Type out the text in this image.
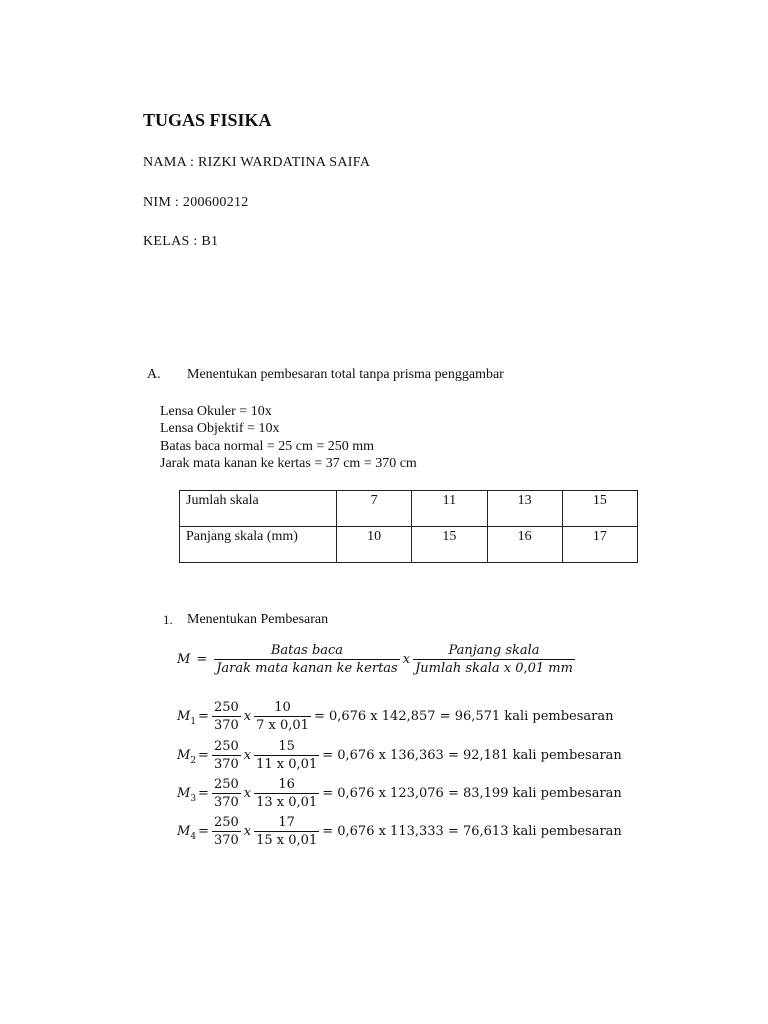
TUGAS FISIKA
NAMA : RIZKI WARDATINA SAIFA
NIM : 200600212
KELAS : B1
A. Menentukan pembesaran total tanpa prisma penggambar
Lensa Okuler = 10x
Lensa Objektif = 10x
Batas baca normal = 25 cm = 250 mm
Jarak mata kanan ke kertas = 37 cm = 370 cm
Jumlah skala	7	11	13	15
Panjang skala (mm)	10	15	16	17
1. Menentukan Pembesaran
$M = \frac{\text{Batas baca}}{\text{Jarak mata kanan ke kertas}}$ x $\frac{\text{Panjang skala}}{\text{Jumlah skala x 0,01 mm}}$
$M_1 = \frac{250}{370}$ x $\frac{10}{7 x 0,01} = 0,676$ x 142,857 = 96,571 kali pembesaran
$M_2 = \frac{250}{370}$ x $\frac{15}{11 x 0,01} = 0,676$ x 136,363 = 92,181 kali pembesaran
$M_3 = \frac{250}{370}$ x $\frac{16}{13 x 0,01} = 0,676$ x 123,076 = 83,199 kali pembesaran
$M_4 = \frac{250}{370}$ x $\frac{17}{15 x 0,01} = 0,676$ x 113,333 = 76,613 kali pembesaran
